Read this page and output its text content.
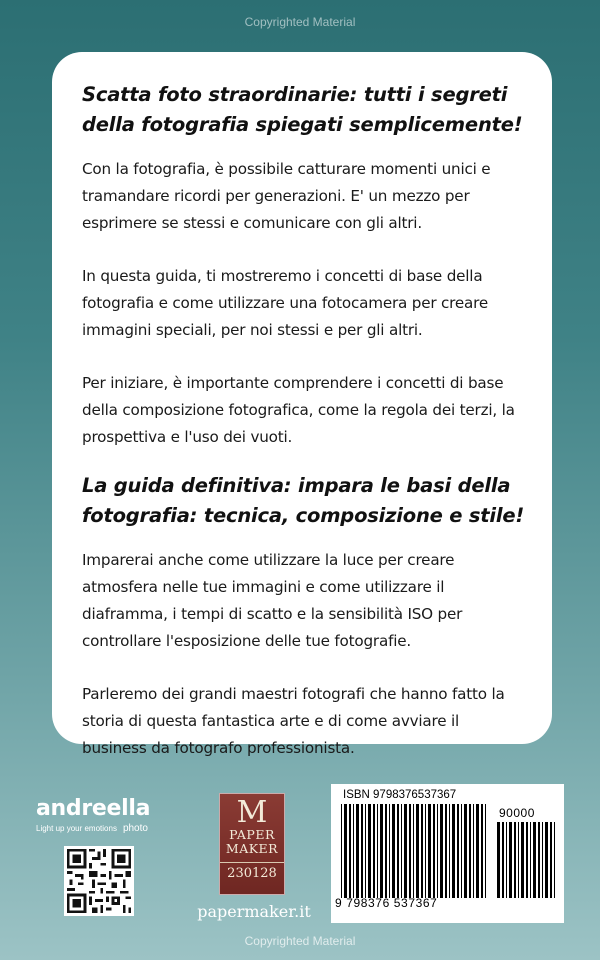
Copyrighted Material

Scatta foto straordinarie: tutti i segreti della fotografia spiegati semplicemente!

Con la fotografia, è possibile catturare momenti unici e tramandare ricordi per generazioni. E' un mezzo per esprimere se stessi e comunicare con gli altri.

In questa guida, ti mostreremo i concetti di base della fotografia e come utilizzare una fotocamera per creare immagini speciali, per noi stessi e per gli altri.

Per iniziare, è importante comprendere i concetti di base della composizione fotografica, come la regola dei terzi, la prospettiva e l'uso dei vuoti.

La guida definitiva: impara le basi della fotografia: tecnica, composizione e stile!

Imparerai anche come utilizzare la luce per creare atmosfera nelle tue immagini e come utilizzare il diaframma, i tempi di scatto e la sensibilità ISO per controllare l'esposizione delle tue fotografie.

Parleremo dei grandi maestri fotografi che hanno fatto la storia di questa fantastica arte e di come avviare il business da fotografo professionista.

andreella
Light up your emotions photo	M
PAPER
MAKER
230128
papermaker.it
ISBN 9798376537367
90000
9 798376 537367
Copyrighted Material
